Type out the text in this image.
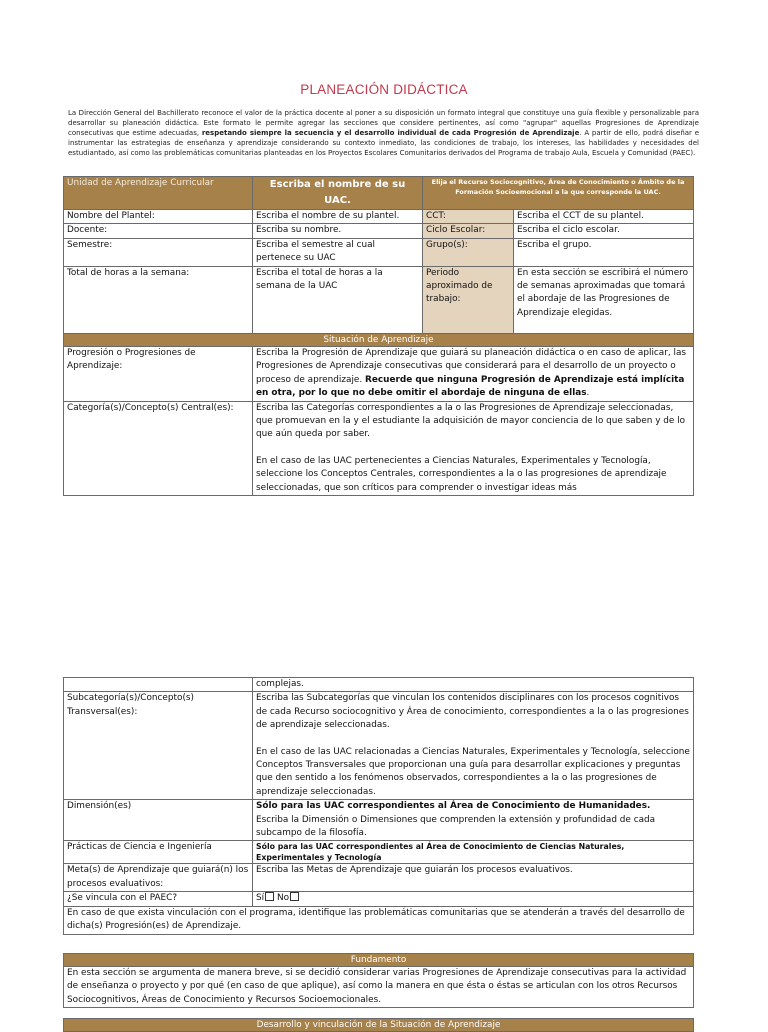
PLANEACIÓN DIDÁCTICA
La Dirección General del Bachillerato reconoce el valor de la práctica docente al poner a su disposición un formato integral que constituye una guía flexible y personalizable para desarrollar su planeación didáctica. Este formato le permite agregar las secciones que considere pertinentes, así como "agrupar" aquellas Progresiones de Aprendizaje consecutivas que estime adecuadas, respetando siempre la secuencia y el desarrollo individual de cada Progresión de Aprendizaje. A partir de ello, podrá diseñar e instrumentar las estrategias de enseñanza y aprendizaje considerando su contexto inmediato, las condiciones de trabajo, los intereses, las habilidades y necesidades del estudiantado, así como las problemáticas comunitarias planteadas en los Proyectos Escolares Comunitarios derivados del Programa de trabajo Aula, Escuela y Comunidad (PAEC).
Unidad de Aprendizaje Curricular	Escriba el nombre de su UAC.	Elija el Recurso Sociocognitivo, Área de Conocimiento o Ámbito de la Formación Socioemocional a la que corresponde la UAC.	
Nombre del Plantel:	Escriba el nombre de su plantel.	CCT:	Escriba el CCT de su plantel.
Docente:	Escriba su nombre.	Ciclo Escolar:	Escriba el ciclo escolar.
Semestre:	Escriba el semestre al cual pertenece su UAC	Grupo(s):	Escriba el grupo.
Total de horas a la semana:	Escriba el total de horas a la semana de la UAC	Periodo aproximado de trabajo:	En esta sección se escribirá el número de semanas aproximadas que tomará el abordaje de las Progresiones de Aprendizaje elegidas.
Situación de Aprendizaje	
Progresión o Progresiones de Aprendizaje:	Escriba la Progresión de Aprendizaje que guiará su planeación didáctica o en caso de aplicar, las Progresiones de Aprendizaje consecutivas que considerará para el desarrollo de un proyecto o proceso de aprendizaje. Recuerde que ninguna Progresión de Aprendizaje está implícita en otra, por lo que no debe omitir el abordaje de ninguna de ellas.
Categoría(s)/Concepto(s) Central(es):	Escriba las Categorías correspondientes a la o las Progresiones de Aprendizaje seleccionadas, que promuevan en la y el estudiante la adquisición de mayor conciencia de lo que saben y de lo que aún queda por saber.
En el caso de las UAC pertenecientes a Ciencias Naturales, Experimentales y Tecnología, seleccione los Conceptos Centrales, correspondientes a la o las progresiones de aprendizaje seleccionadas, que son críticos para comprender o investigar ideas más
	complejas.
Subcategoría(s)/Concepto(s) Transversal(es):	Escriba las Subcategorías que vinculan los contenidos disciplinares con los procesos cognitivos de cada Recurso sociocognitivo y Área de conocimiento, correspondientes a la o las progresiones de aprendizaje seleccionadas.
En el caso de las UAC relacionadas a Ciencias Naturales, Experimentales y Tecnología, seleccione Conceptos Transversales que proporcionan una guía para desarrollar explicaciones y preguntas que den sentido a los fenómenos observados, correspondientes a la o las progresiones de aprendizaje seleccionadas.

Dimensión(es)	Sólo para las UAC correspondientes al Área de Conocimiento de Humanidades.
Escriba la Dimensión o Dimensiones que comprenden la extensión y profundidad de cada subcampo de la filosofía.

Prácticas de Ciencia e Ingeniería	Sólo para las UAC correspondientes al Área de Conocimiento de Ciencias Naturales, Experimentales y Tecnología
Meta(s) de Aprendizaje que guiará(n) los procesos evaluativos:	Escriba las Metas de Aprendizaje que guiarán los procesos evaluativos.
¿Se vincula con el PAEC?	Sí No
En caso de que exista vinculación con el programa, identifique las problemáticas comunitarias que se atenderán a través del desarrollo de dicha(s) Progresión(es) de Aprendizaje.	
Fundamento
En esta sección se argumenta de manera breve, si se decidió considerar varias Progresiones de Aprendizaje consecutivas para la actividad de enseñanza o proyecto y por qué (en caso de que aplique), así como la manera en que ésta o éstas se articulan con los otros Recursos Sociocognitivos, Áreas de Conocimiento y Recursos Socioemocionales.
Desarrollo y vinculación de la Situación de Aprendizaje
